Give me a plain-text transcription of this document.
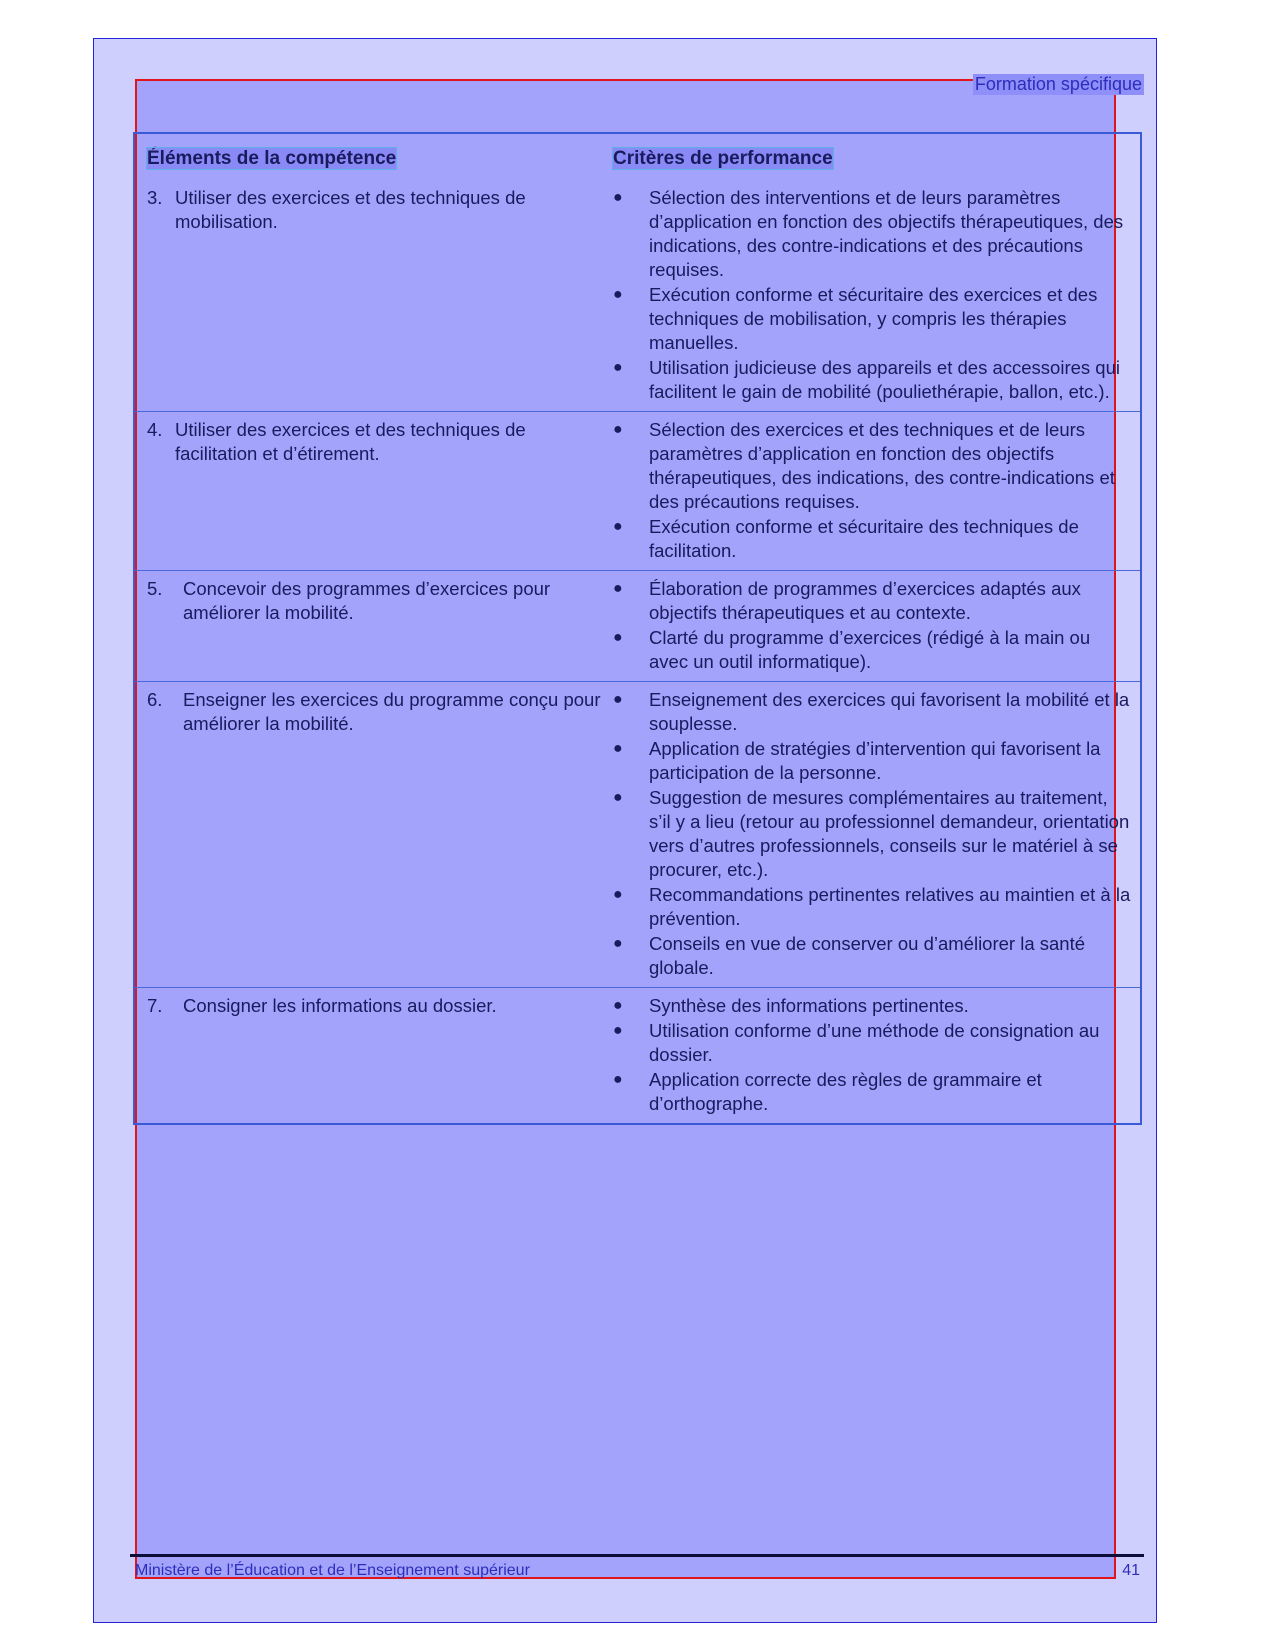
Formation spécifique
Éléments de la compétence	Critères de performance
3. Utiliser des exercices et des techniques de mobilisation.
●	Sélection des interventions et de leurs paramètres d’application en fonction des objectifs thérapeutiques, des indications, des contre-indications et des précautions requises.
●	Exécution conforme et sécuritaire des exercices et des techniques de mobilisation, y compris les thérapies manuelles.
●	Utilisation judicieuse des appareils et des accessoires qui facilitent le gain de mobilité (pouliethérapie, ballon, etc.).
4. Utiliser des exercices et des techniques de facilitation et d’étirement.
●	Sélection des exercices et des techniques et de leurs paramètres d’application en fonction des objectifs thérapeutiques, des indications, des contre-indications et des précautions requises.
●	Exécution conforme et sécuritaire des techniques de facilitation.
5.	Concevoir des programmes d’exercices pour améliorer la mobilité.
●	Élaboration de programmes d’exercices adaptés aux objectifs thérapeutiques et au contexte.
●	Clarté du programme d’exercices (rédigé à la main ou avec un outil informatique).
6.	Enseigner les exercices du programme conçu pour améliorer la mobilité.
●	Enseignement des exercices qui favorisent la mobilité et la souplesse.
●	Application de stratégies d’intervention qui favorisent la participation de la personne.
●	Suggestion de mesures complémentaires au traitement, s’il y a lieu (retour au professionnel demandeur, orientation vers d’autres professionnels, conseils sur le matériel à se procurer, etc.).
●	Recommandations pertinentes relatives au maintien et à la prévention.
●	Conseils en vue de conserver ou d’améliorer la santé globale.
7.	Consigner les informations au dossier.	●	Synthèse des informations pertinentes.
●	Utilisation conforme d’une méthode de consignation au dossier.
●	Application correcte des règles de grammaire et d’orthographe.
Ministère de l’Éducation et de l’Enseignement supérieur	41
